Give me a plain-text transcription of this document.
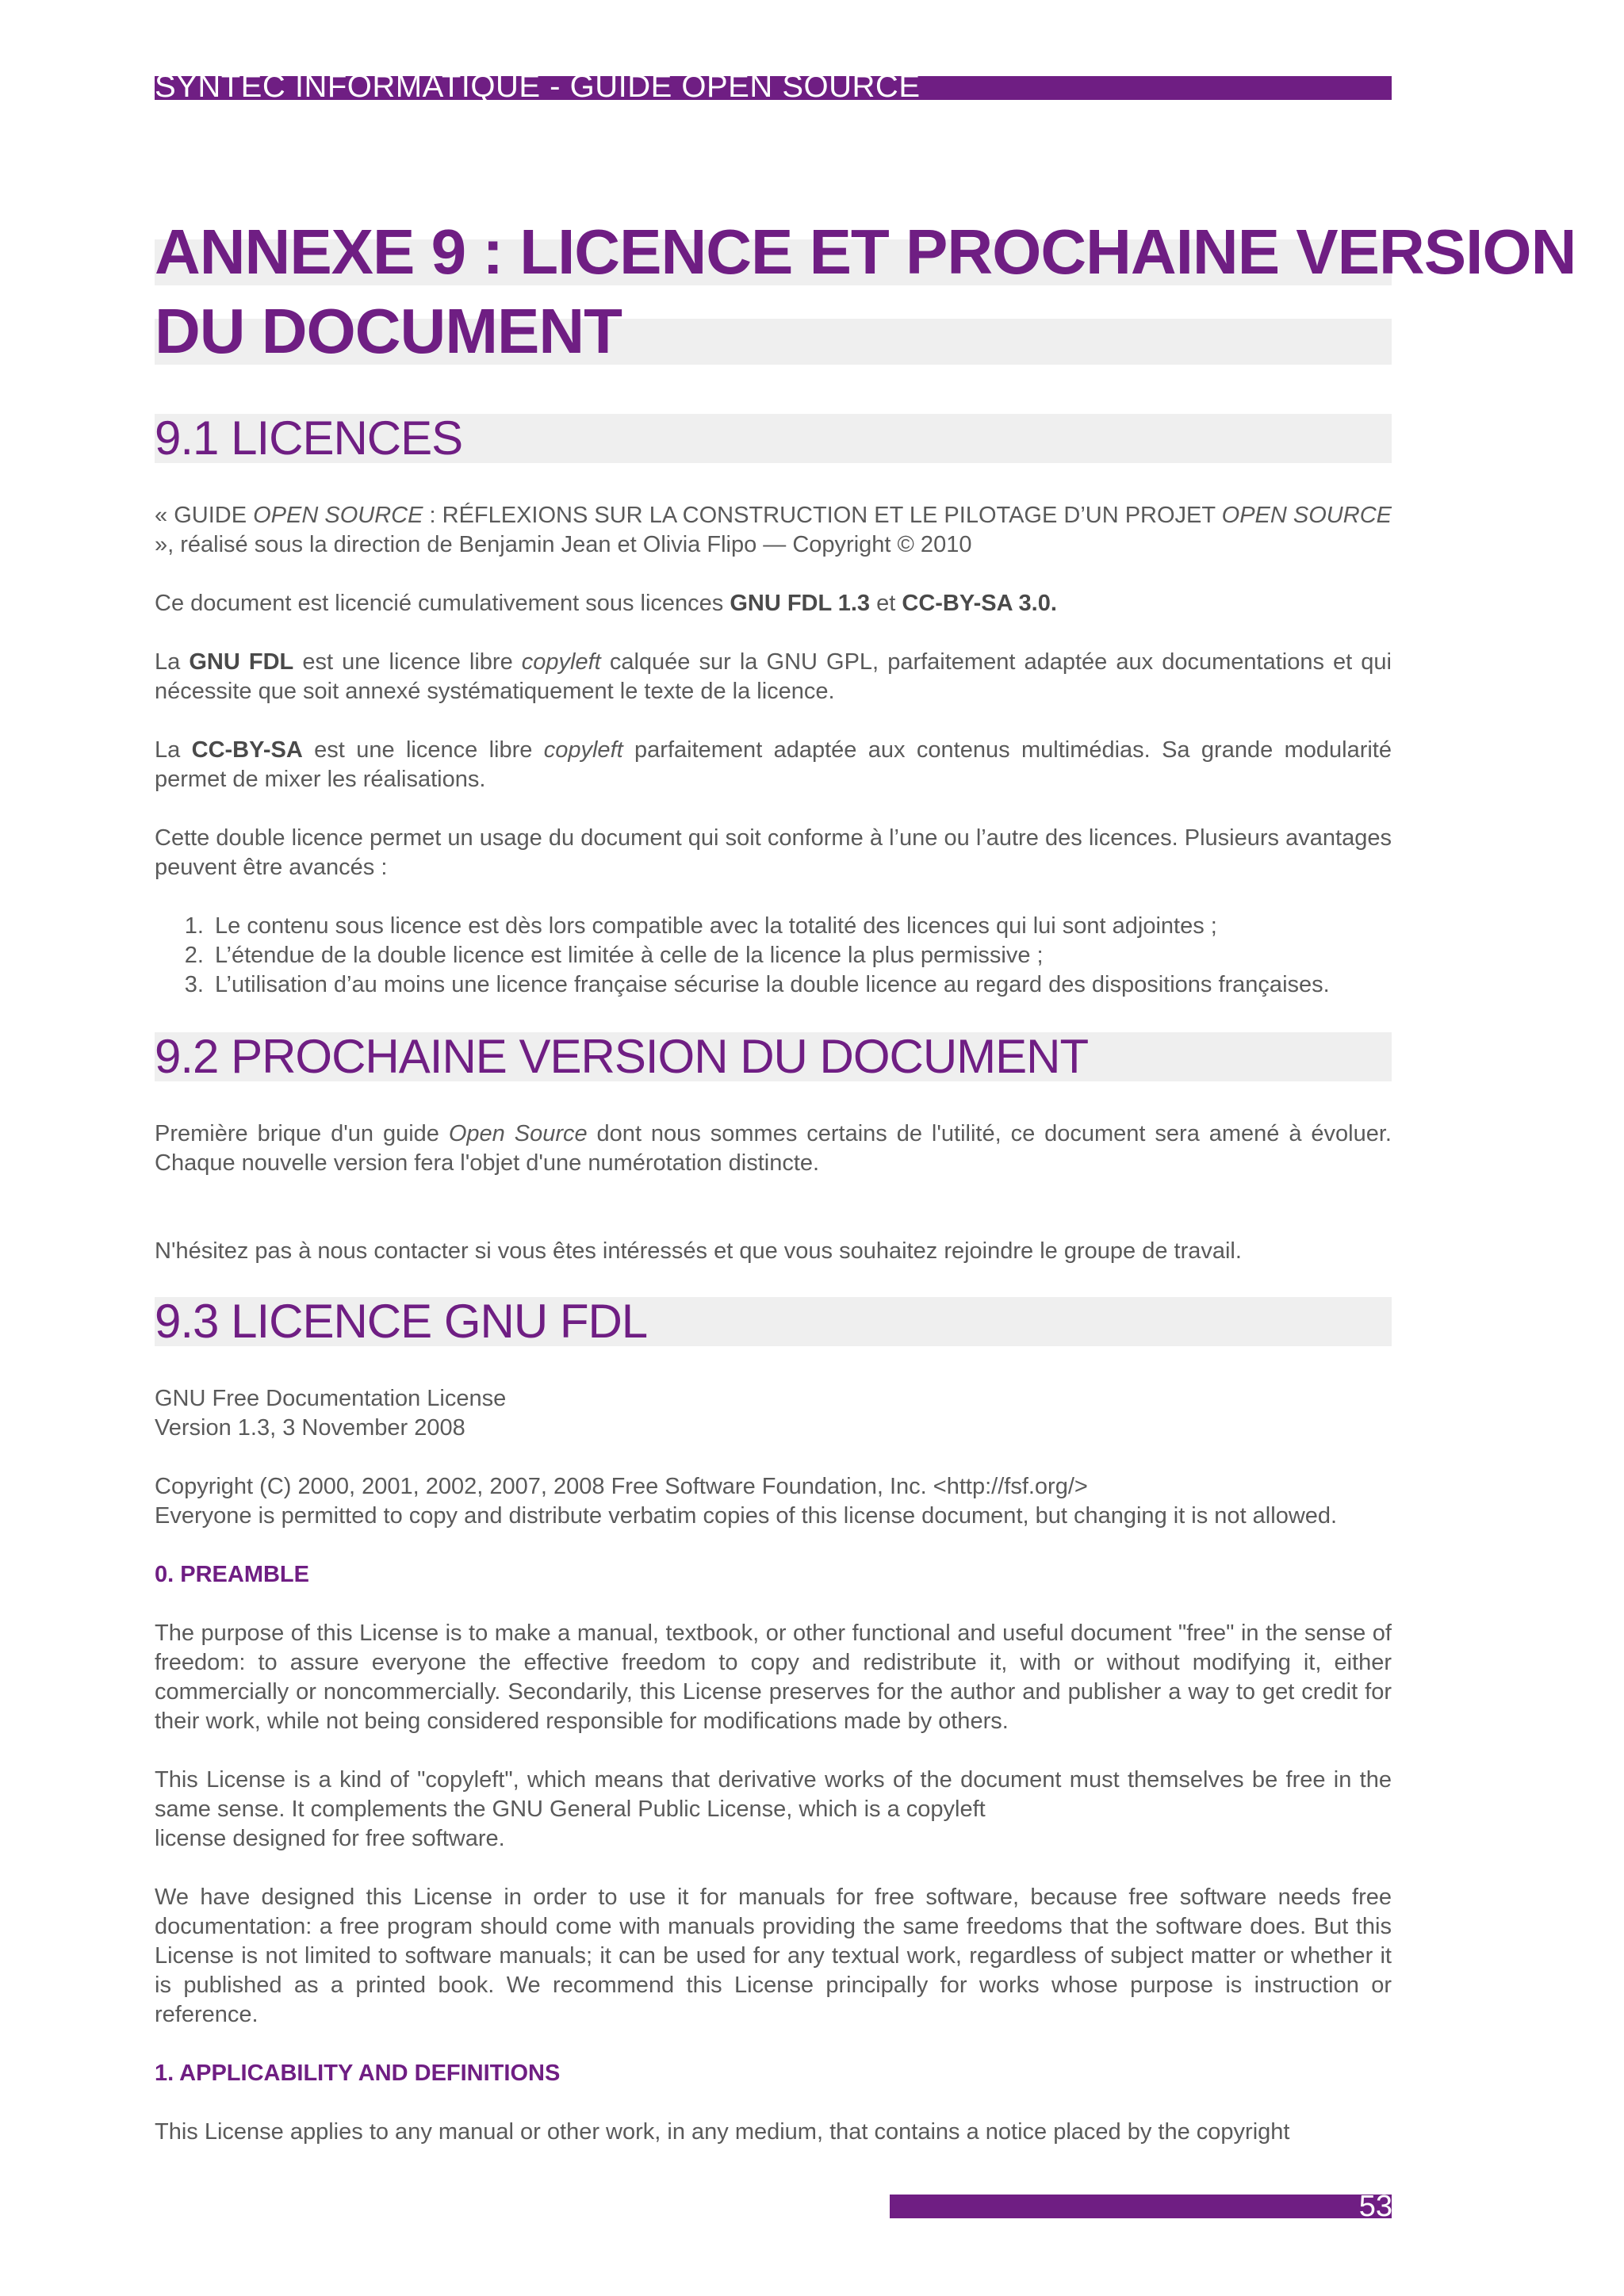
SYNTEC INFORMATIQUE - GUIDE OPEN SOURCE
ANNEXE 9 : LICENCE ET PROCHAINE VERSION
DU DOCUMENT
9.1 LICENCES

« GUIDE OPEN SOURCE : RÉFLEXIONS SUR LA CONSTRUCTION ET LE PILOTAGE D’UN PROJET OPEN SOURCE », réalisé sous la direction de Benjamin Jean et Olivia Flipo — Copyright © 2010

Ce document est licencié cumulativement sous licences GNU FDL 1.3 et CC-BY-SA 3.0.

La GNU FDL est une licence libre copyleft calquée sur la GNU GPL, parfaitement adaptée aux documentations et qui nécessite que soit annexé systématiquement le texte de la licence.

La CC-BY-SA est une licence libre copyleft parfaitement adaptée aux contenus multimédias. Sa grande modularité permet de mixer les réalisations.

Cette double licence permet un usage du document qui soit conforme à l’une ou l’autre des licences. Plusieurs avantages peuvent être avancés :

1. Le contenu sous licence est dès lors compatible avec la totalité des licences qui lui sont adjointes ;
2. L’étendue de la double licence est limitée à celle de la licence la plus permissive ;
3. L’utilisation d’au moins une licence française sécurise la double licence au regard des dispositions françaises.
9.2 PROCHAINE VERSION DU DOCUMENT

Première brique d'un guide Open Source dont nous sommes certains de l'utilité, ce document sera amené à évoluer. Chaque nouvelle version fera l'objet d'une numérotation distincte.

N'hésitez pas à nous contacter si vous êtes intéressés et que vous souhaitez rejoindre le groupe de travail.

9.3 LICENCE GNU FDL

GNU Free Documentation License

Version 1.3, 3 November 2008

Copyright (C) 2000, 2001, 2002, 2007, 2008 Free Software Foundation, Inc. <http://fsf.org/>

Everyone is permitted to copy and distribute verbatim copies of this license document, but changing it is not allowed.

0. PREAMBLE

The purpose of this License is to make a manual, textbook, or other functional and useful document "free" in the sense of freedom: to assure everyone the effective freedom to copy and redistribute it, with or without modifying it, either commercially or noncommercially. Secondarily, this License preserves for the author and publisher a way to get credit for their work, while not being considered responsible for modifications made by others.

This License is a kind of "copyleft", which means that derivative works of the document must themselves be free in the same sense. It complements the GNU General Public License, which is a copyleft
license designed for free software.

We have designed this License in order to use it for manuals for free software, because free software needs free documentation: a free program should come with manuals providing the same freedoms that the software does. But this License is not limited to software manuals; it can be used for any textual work, regardless of subject matter or whether it is published as a printed book. We recommend this License principally for works whose purpose is instruction or reference.

1. APPLICABILITY AND DEFINITIONS

This License applies to any manual or other work, in any medium, that contains a notice placed by the copyright

53
